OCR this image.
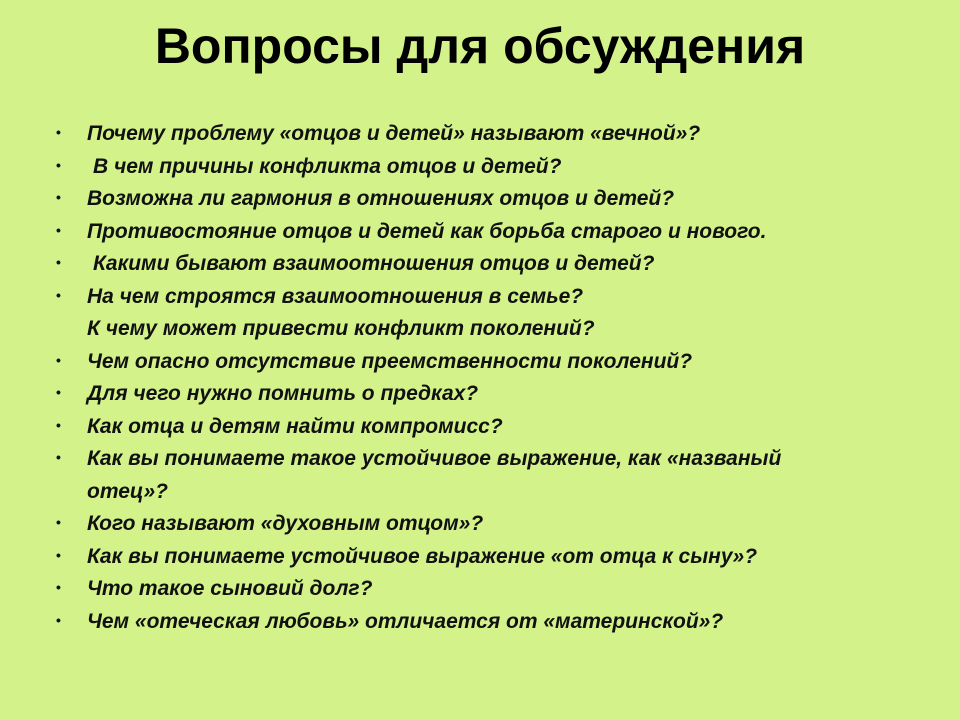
Вопросы для обсуждения
• Почему проблему «отцов и детей» называют «вечной»?
• В чем причины конфликта отцов и детей?
• Возможна ли гармония в отношениях отцов и детей?
• Противостояние отцов и детей как борьба старого и нового.
• Какими бывают взаимоотношения отцов и детей?
• На чем строятся взаимоотношения в семье?
К чему может привести конфликт поколений?
• Чем опасно отсутствие преемственности поколений?
• Для чего нужно помнить о предках?
• Как отца и детям найти компромисс?
• Как вы понимаете такое устойчивое выражение, как «названый
отец»?
• Кого называют «духовным отцом»?
• Как вы понимаете устойчивое выражение «от отца к сыну»?
• Что такое сыновий долг?
• Чем «отеческая любовь» отличается от «материнской»?
